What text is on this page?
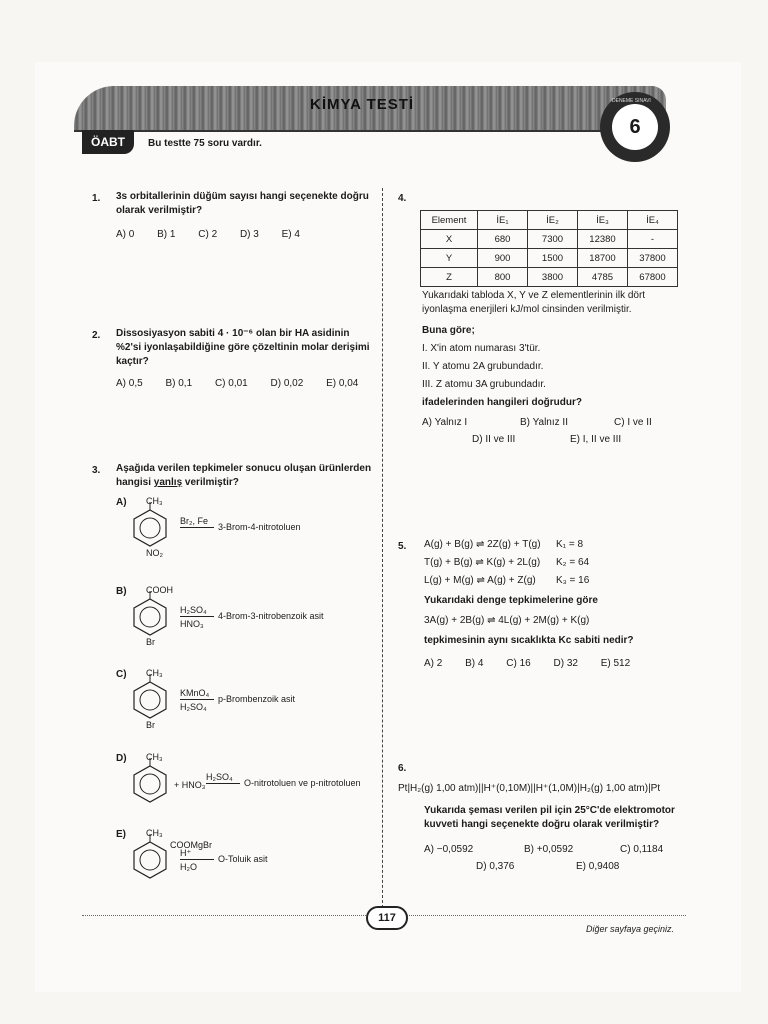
KİMYA TESTİ
ÖABT	Bu testte 75 soru vardır.
6
DENEME SINAVI
1. 3s orbitallerinin düğüm sayısı hangi seçenekte doğru olarak verilmiştir?
A) 0 B) 1 C) 2 D) 3 E) 4
2. Dissosiyasyon sabiti 4 · 10⁻⁶ olan bir HA asidinin %2'si iyonlaşabildiğine göre çözeltinin molar derişimi kaçtır?
A) 0,5 B) 0,1 C) 0,01 D) 0,02 E) 0,04
3. Aşağıda verilen tepkimeler sonucu oluşan ürünlerden hangisi yanlış verilmiştir?
A) CH₃
NO₂
Br₂, Fe
3-Brom-4-nitrotoluen
B) COOH
Br
H₂SO₄
HNO₃
4-Brom-3-nitrobenzoik asit
C) CH₃
Br
KMnO₄
H₂SO₄
p-Brombenzoik asit
D) CH₃
+ HNO₃
H₂SO₄
O-nitrotoluen ve p-nitrotoluen
E) CH₃
COOMgBr
H⁺
H₂O
O-Toluik asit
4.
Element	İE₁	İE₂	İE₃	İE₄
X	680	7300	12380	-
Y	900	1500	18700	37800
Z	800	3800	4785	67800
Yukarıdaki tabloda X, Y ve Z elementlerinin ilk dört iyonlaşma enerjileri kJ/mol cinsinden verilmiştir.
Buna göre;
I. X'in atom numarası 3'tür.
II. Y atomu 2A grubundadır.
III. Z atomu 3A grubundadır.
ifadelerinden hangileri doğrudur?
A) Yalnız I	B) Yalnız II	C) I ve II
D) II ve III	E) I, II ve III
5. A(g) + B(g) ⇌ 2Z(g) + T(g)
T(g) + B(g) ⇌ K(g) + 2L(g)
L(g) + M(g) ⇌ A(g) + Z(g)
K₁ = 8
K₂ = 64
K₃ = 16
Yukarıdaki denge tepkimelerine göre
3A(g) + 2B(g) ⇌ 4L(g) + 2M(g) + K(g)
tepkimesinin aynı sıcaklıkta Kc sabiti nedir?
A) 2 B) 4 C) 16 D) 32 E) 512
6.
Pt|H₂(g) 1,00 atm)||H⁺(0,10M)||H⁺(1,0M)|H₂(g) 1,00 atm)|Pt
Yukarıda şeması verilen pil için 25°C'de elektromotor kuvveti hangi seçenekte doğru olarak verilmiştir?
A) −0,0592	B) +0,0592	C) 0,1184
D) 0,376	E) 0,9408
117
Diğer sayfaya geçiniz.
